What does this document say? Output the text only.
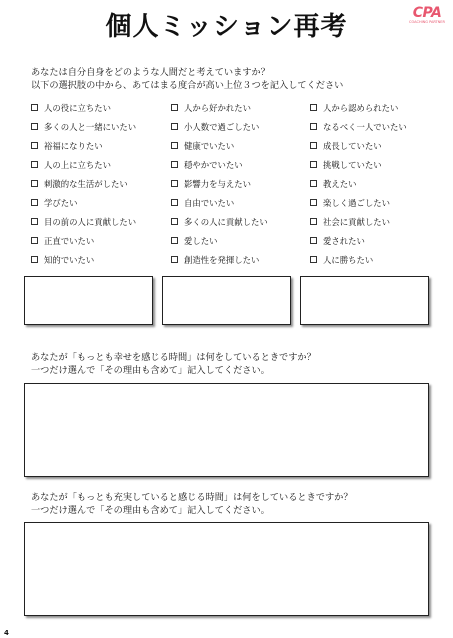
個人ミッション再考	CPA
COACHING PARTNER
あなたは自分自身をどのような人間だと考えていますか？
以下の選択肢の中から、あてはまる度合が高い上位３つを記入してください
人の役に立ちたい
多くの人と一緒にいたい
裕福になりたい
人の上に立ちたい
刺激的な生活がしたい
学びたい
目の前の人に貢献したい
正直でいたい
知的でいたい
人から好かれたい
小人数で過ごしたい
健康でいたい
穏やかでいたい
影響力を与えたい
自由でいたい
多くの人に貢献したい
愛したい
創造性を発揮したい
人から認められたい
なるべく一人でいたい
成長していたい
挑戦していたい
教えたい
楽しく過ごしたい
社会に貢献したい
愛されたい
人に勝ちたい
あなたが「もっとも幸せを感じる時間」は何をしているときですか？
一つだけ選んで「その理由も含めて」記入してください。
あなたが「もっとも充実していると感じる時間」は何をしているときですか？
一つだけ選んで「その理由も含めて」記入してください。
4
